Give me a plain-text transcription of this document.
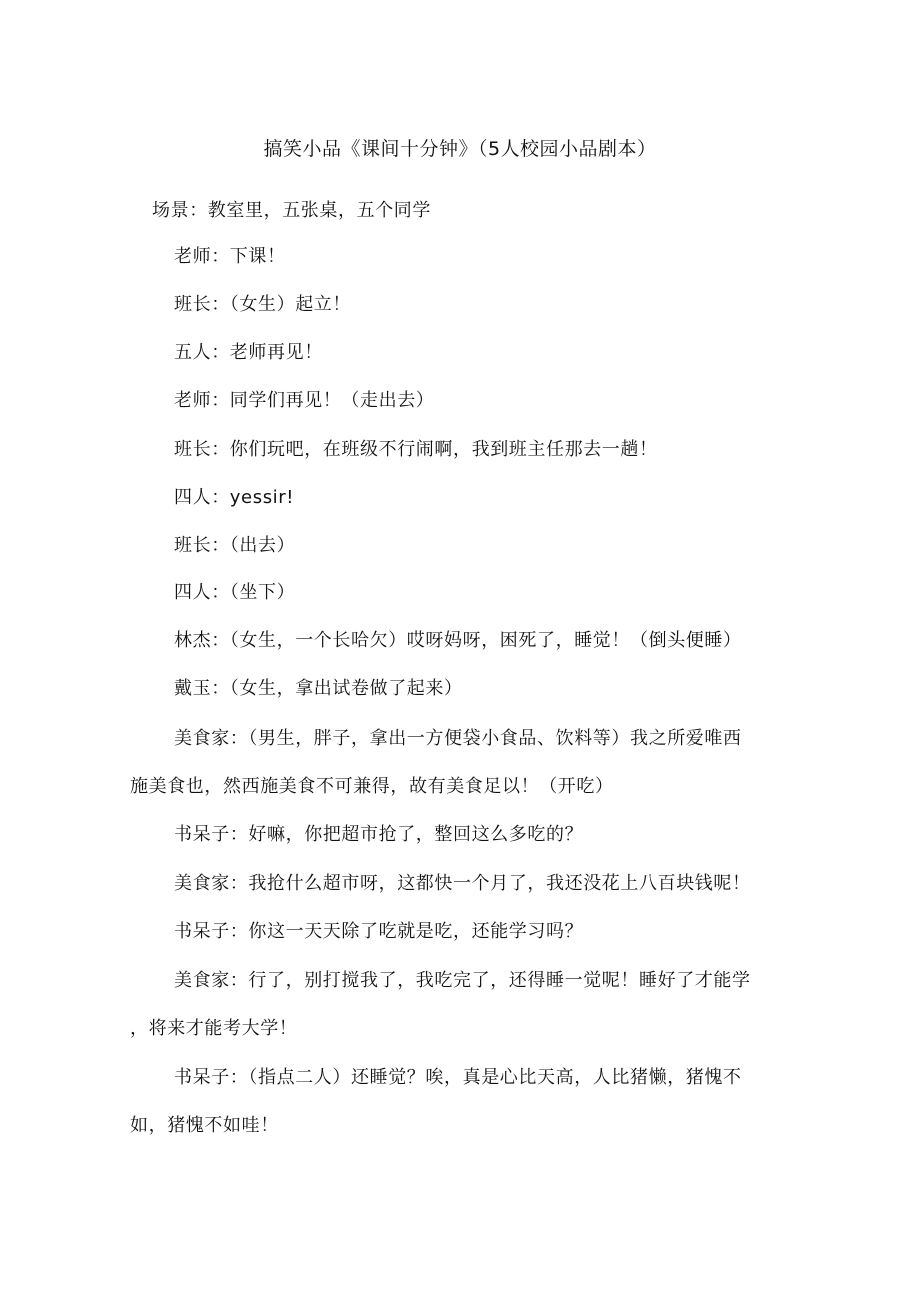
搞笑小品《课间十分钟》（5人校园小品剧本）
场景：教室里，五张桌，五个同学
老师：下课！
班长：（女生）起立！
五人：老师再见！
老师：同学们再见！（走出去）
班长：你们玩吧，在班级不行闹啊，我到班主任那去一趟！
四人：yessir!
班长：（出去）
四人：（坐下）
林杰：（女生，一个长哈欠）哎呀妈呀，困死了，睡觉！（倒头便睡）
戴玉：（女生，拿出试卷做了起来）
美食家：（男生，胖子，拿出一方便袋小食品、饮料等）我之所爱唯西
施美食也，然西施美食不可兼得，故有美食足以！（开吃）
书呆子：好嘛，你把超市抢了，整回这么多吃的？
美食家：我抢什么超市呀，这都快一个月了，我还没花上八百块钱呢！
书呆子：你这一天天除了吃就是吃，还能学习吗？
美食家：行了，别打搅我了，我吃完了，还得睡一觉呢！睡好了才能学
，将来才能考大学！
书呆子：（指点二人）还睡觉？唉，真是心比天高，人比猪懒，猪愧不
如，猪愧不如哇！
